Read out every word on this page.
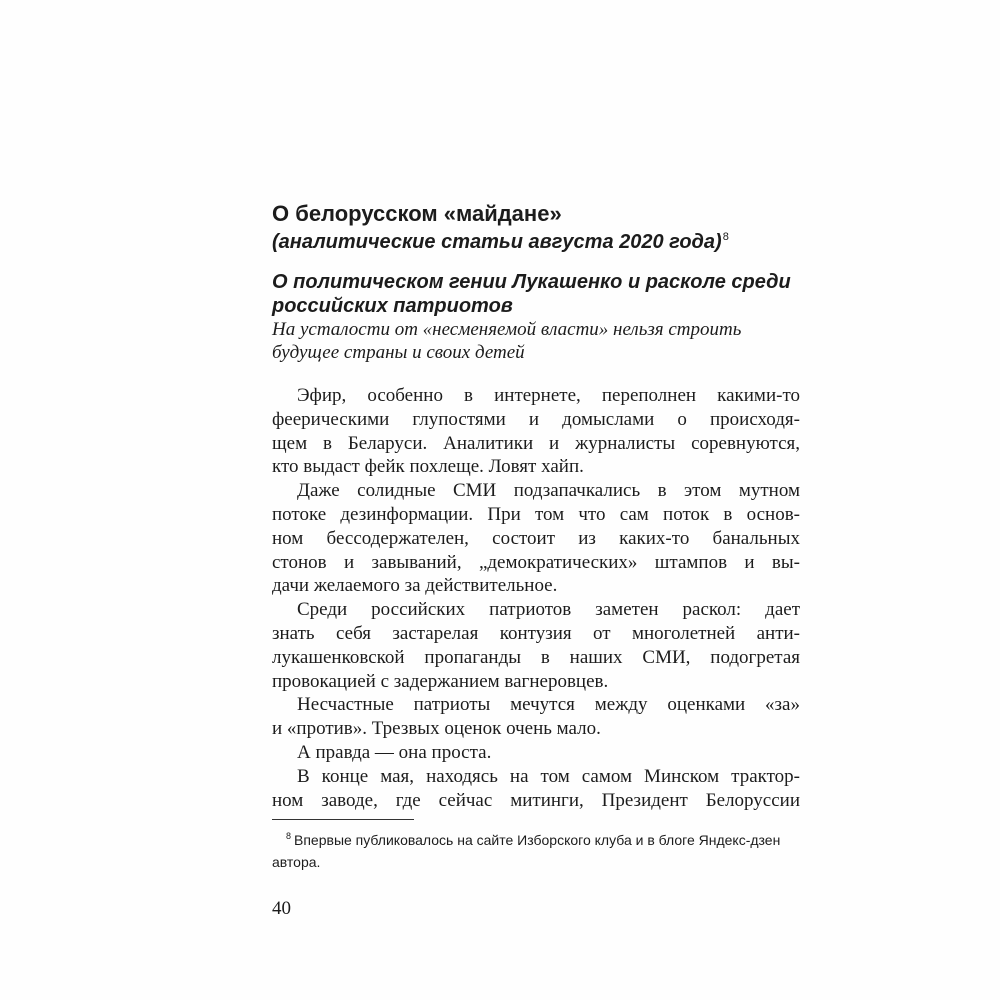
О белорусском «майдане»
(аналитические статьи августа 2020 года)$^8$
О политическом гении Лукашенко и расколе среди
российских патриотов
На усталости от «несменяемой власти» нельзя строить
будущее страны и своих детей

Эфир, особенно в интернете, переполнен какими-то
феерическими глупостями и домыслами о происходя-
щем в Беларуси. Аналитики и журналисты соревнуются,
кто выдаст фейк похлеще. Ловят хайп.

Даже солидные СМИ подзапачкались в этом мутном
потоке дезинформации. При том что сам поток в основ-
ном бессодержателен, состоит из каких-то банальных
стонов и завываний, „демократических» штампов и вы-
дачи желаемого за действительное.

Среди российских патриотов заметен раскол: дает
знать себя застарелая контузия от многолетней анти-
лукашенковской пропаганды в наших СМИ, подогретая
провокацией с задержанием вагнеровцев.

Несчастные патриоты мечутся между оценками «за»
и «против». Трезвых оценок очень мало.

А правда — она проста.

В конце мая, находясь на том самом Минском трактор-
ном заводе, где сейчас митинги, Президент Белоруссии

$^8$ Впервые публиковалось на сайте Изборского клуба и в блоге Яндекс-дзен
автора.
40
